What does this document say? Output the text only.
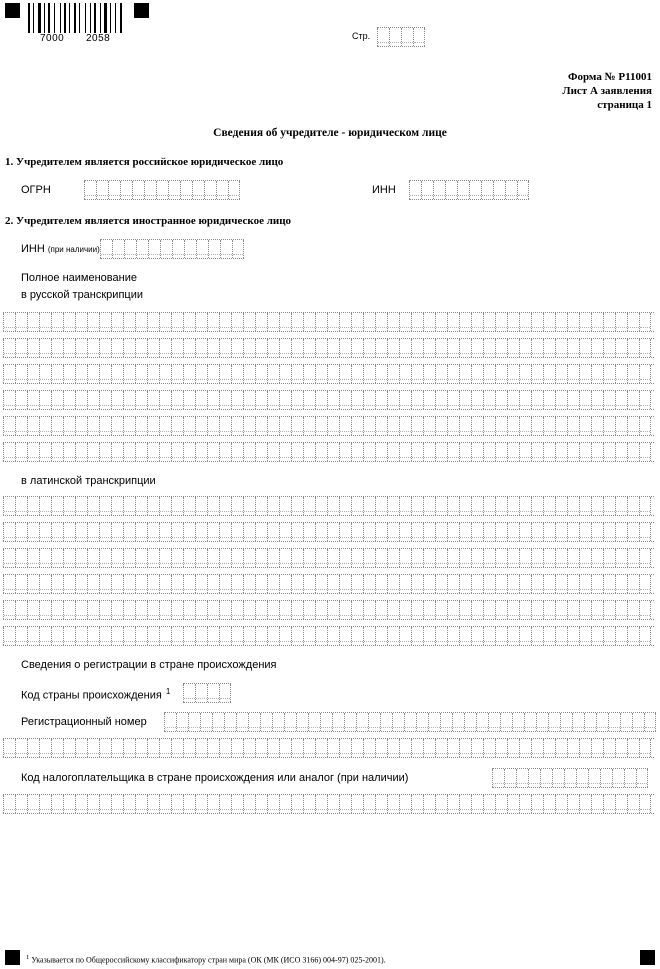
7000 2058	Стр.
Форма № Р11001
Лист А заявления
страница 1
Сведения об учредителе - юридическом лице
1. Учредителем является российское юридическое лицо
ОГРН	ИНН
2. Учредителем является иностранное юридическое лицо
ИНН (при наличии)
Полное наименование
в русской транскрипции
в латинской транскрипции
Сведения о регистрации в стране происхождения
Код страны происхождения $^1$
Регистрационный номер
Код налогоплательщика в стране происхождения или аналог (при наличии)
$^1$ Указывается по Общероссийскому классификатору стран мира (ОК (МК (ИСО 3166) 004-97) 025-2001).
